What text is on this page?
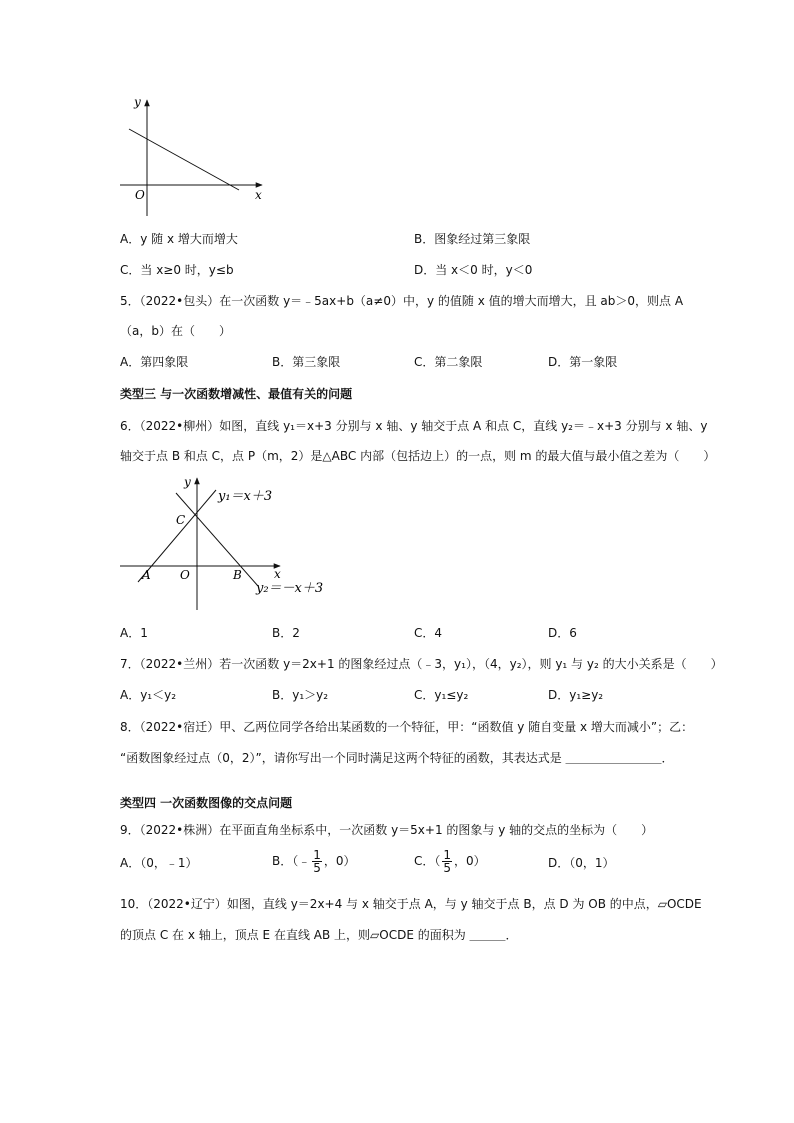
y
x
O
A．y 随 x 增大而增大	B．图象经过第三象限
C．当 x≥0 时，y≤b	D．当 x＜0 时，y＜0
5．（2022•包头）在一次函数 y＝﹣5ax+b（a≠0）中，y 的值随 x 值的增大而增大，且 ab＞0，则点 A
（a，b）在（　　）
A．第四象限	B．第三象限	C．第二象限	D．第一象限
类型三 与一次函数增减性、最值有关的问题
6．（2022•柳州）如图，直线 y₁＝x+3 分别与 x 轴、y 轴交于点 A 和点 C，直线 y₂＝﹣x+3 分别与 x 轴、y
轴交于点 B 和点 C，点 P（m，2）是△ABC 内部（包括边上）的一点，则 m 的最大值与最小值之差为（　　）
y
x
O
A	B
C
y₁＝x＋3
y₂＝－x＋3
A．1	B．2	C．4	D．6
7．（2022•兰州）若一次函数 y＝2x+1 的图象经过点（﹣3，y₁），（4，y₂），则 y₁ 与 y₂ 的大小关系是（　　）
A．y₁＜y₂	B．y₁＞y₂	C．y₁≤y₂	D．y₁≥y₂
8．（2022•宿迁）甲、乙两位同学各给出某函数的一个特征，甲：“函数值 y 随自变量 x 增大而减小”；乙：
“函数图象经过点（0，2）”，请你写出一个同时满足这两个特征的函数，其表达式是 ＿＿＿＿＿＿＿＿．
类型四 一次函数图像的交点问题
9．（2022•株洲）在平面直角坐标系中，一次函数 y＝5x+1 的图象与 y 轴的交点的坐标为（　　）
A．（0，﹣1）	B．（﹣ $\frac{1}{5}$ ，0）	C．（ $\frac{1}{5}$ ，0）	D．（0，1）
10．（2022•辽宁）如图，直线 y＝2x+4 与 x 轴交于点 A，与 y 轴交于点 B，点 D 为 OB 的中点，▱OCDE
的顶点 C 在 x 轴上，顶点 E 在直线 AB 上，则▱OCDE 的面积为 ＿＿＿．
